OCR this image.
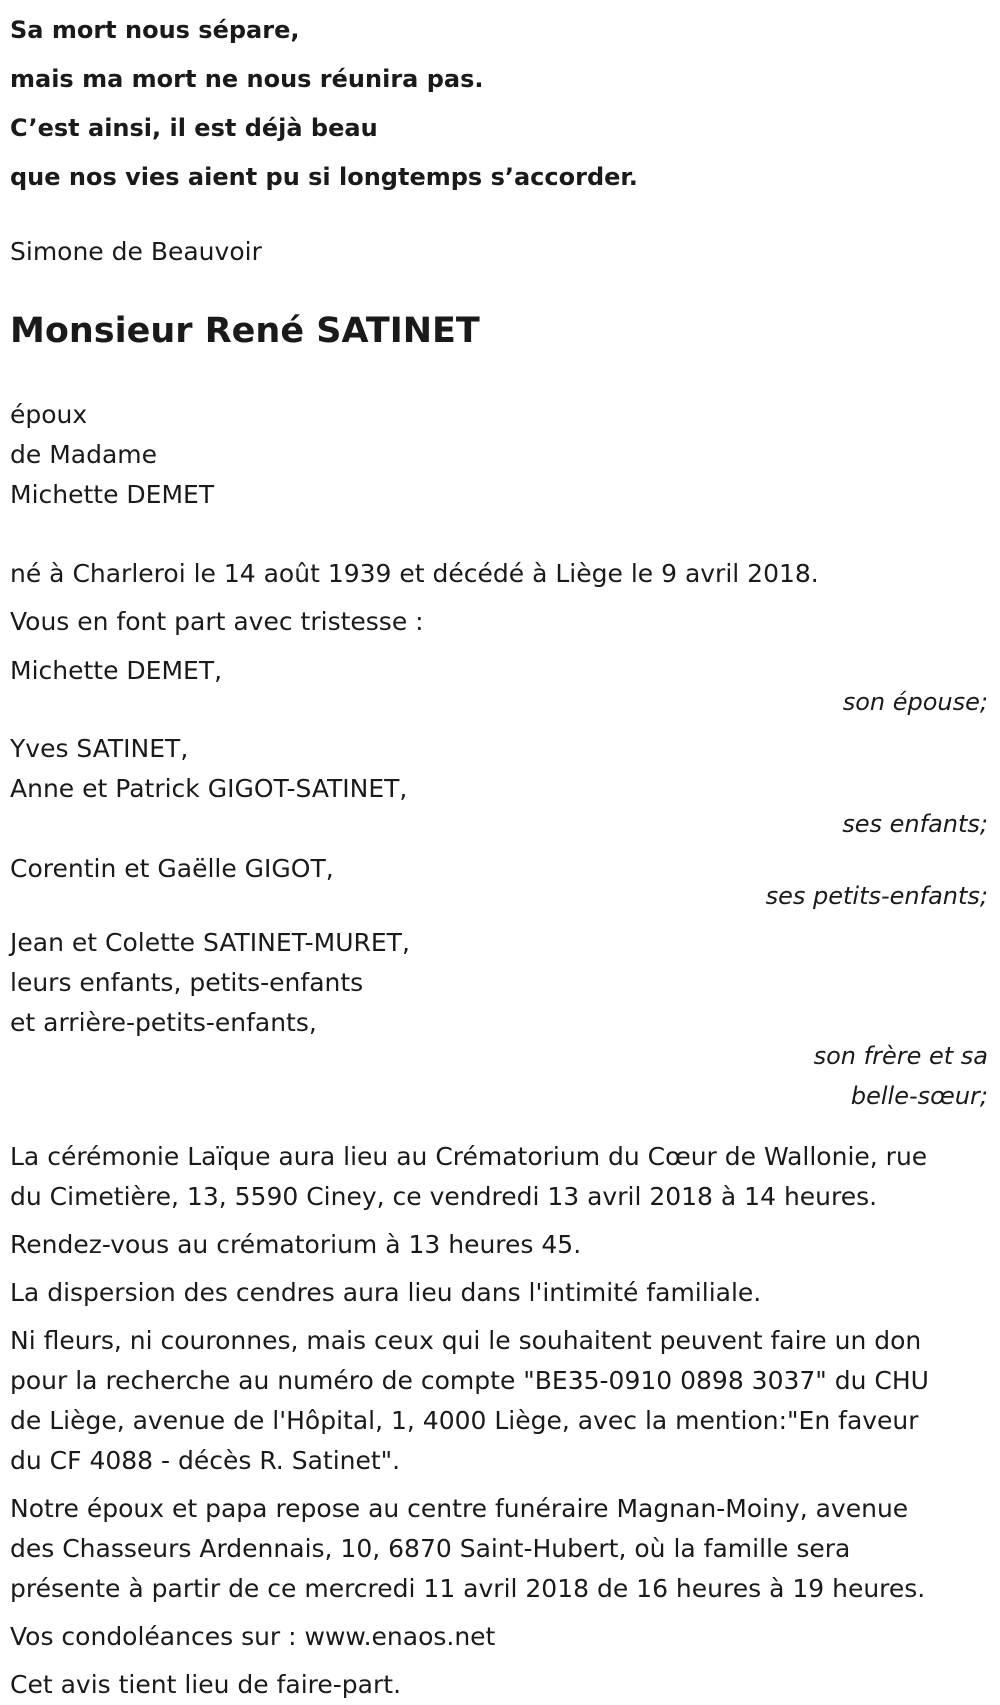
Sa mort nous sépare,
mais ma mort ne nous réunira pas.
C’est ainsi, il est déjà beau
que nos vies aient pu si longtemps s’accorder.
Simone de Beauvoir
Monsieur René SATINET
époux
de Madame
Michette DEMET
né à Charleroi le 14 août 1939 et décédé à Liège le 9 avril 2018.
Vous en font part avec tristesse :
Michette DEMET,
son épouse;
Yves SATINET,
Anne et Patrick GIGOT-SATINET,
ses enfants;
Corentin et Gaëlle GIGOT,
ses petits-enfants;
Jean et Colette SATINET-MURET,
leurs enfants, petits-enfants
et arrière-petits-enfants,
son frère et sa
belle-sœur;
La cérémonie Laïque aura lieu au Crématorium du Cœur de Wallonie, rue du Cimetière, 13, 5590 Ciney, ce vendredi 13 avril 2018 à 14 heures.
Rendez-vous au crématorium à 13 heures 45.
La dispersion des cendres aura lieu dans l'intimité familiale.
Ni fleurs, ni couronnes, mais ceux qui le souhaitent peuvent faire un don pour la recherche au numéro de compte "BE35-0910 0898 3037" du CHU de Liège, avenue de l'Hôpital, 1, 4000 Liège, avec la mention:"En faveur du CF 4088 - décès R. Satinet".
Notre époux et papa repose au centre funéraire Magnan-Moiny, avenue des Chasseurs Ardennais, 10, 6870 Saint-Hubert, où la famille sera présente à partir de ce mercredi 11 avril 2018 de 16 heures à 19 heures.
Vos condoléances sur : www.enaos.net
Cet avis tient lieu de faire-part.
